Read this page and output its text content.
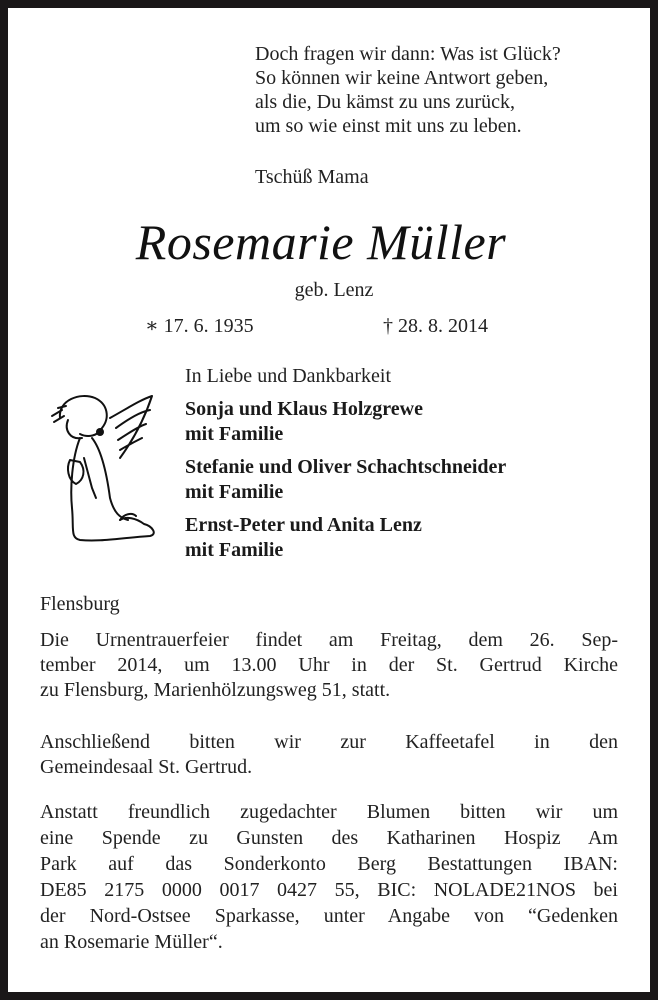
Doch fragen wir dann: Was ist Glück?
So können wir keine Antwort geben,
als die, Du kämst zu uns zurück,
um so wie einst mit uns zu leben.
Tschüß Mama
Rosemarie Müller
geb. Lenz
∗ 17. 6. 1935	† 28. 8. 2014
In Liebe und Dankbarkeit
Sonja und Klaus Holzgrewe
mit Familie
Stefanie und Oliver Schachtschneider
mit Familie
Ernst-Peter und Anita Lenz
mit Familie
Flensburg
Die Urnentrauerfeier findet am Freitag, dem 26. Sep-
tember 2014, um 13.00 Uhr in der St. Gertrud Kirche
zu Flensburg, Marienhölzungsweg 51, statt.
Anschließend bitten wir zur Kaffeetafel in den
Gemeindesaal St. Gertrud.
Anstatt freundlich zugedachter Blumen bitten wir um
eine Spende zu Gunsten des Katharinen Hospiz Am
Park auf das Sonderkonto Berg Bestattungen IBAN:
DE85 2175 0000 0017 0427 55, BIC: NOLADE21NOS bei
der Nord-Ostsee Sparkasse, unter Angabe von “Gedenken
an Rosemarie Müller“.
